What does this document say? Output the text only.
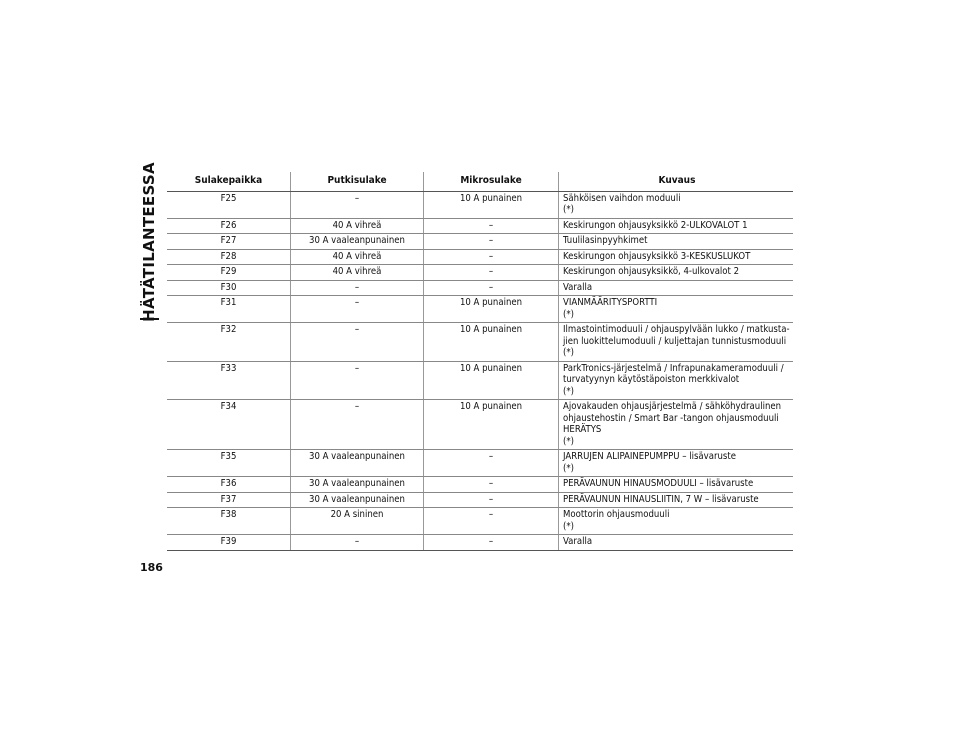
HÄTÄTILANTEESSA	Sulakepaikka	Putkisulake	Mikrosulake	Kuvaus
F25	–	10 A punainen	Sähköisen vaihdon moduuli
(*)

F26	40 A vihreä	–	Keskirungon ohjausyksikkö 2-ULKOVALOT 1

F27	30 A vaaleanpunainen	–	Tuulilasinpyyhkimet

F28	40 A vihreä	–	Keskirungon ohjausyksikkö 3-KESKUSLUKOT

F29	40 A vihreä	–	Keskirungon ohjausyksikkö, 4-ulkovalot 2

F30	–	–	Varalla

F31	–	10 A punainen	VIANMÄÄRITYSPORTTI
(*)

F32	–	10 A punainen	Ilmastointimoduuli / ohjauspylvään lukko / matkusta-
jien luokittelumoduuli / kuljettajan tunnistusmoduuli
(*)

F33	–	10 A punainen	ParkTronics-järjestelmä / Infrapunakameramoduuli /
turvatyynyn käytöstäpoiston merkkivalot
(*)

F34	–	10 A punainen	Ajovakauden ohjausjärjestelmä / sähköhydraulinen
ohjaustehostin / Smart Bar -tangon ohjausmoduuli
HERÄTYS
(*)

F35	30 A vaaleanpunainen	–	JARRUJEN ALIPAINEPUMPPU – lisävaruste
(*)

F36	30 A vaaleanpunainen	–	PERÄVAUNUN HINAUSMODUULI – lisävaruste

F37	30 A vaaleanpunainen	–	PERÄVAUNUN HINAUSLIITIN, 7 W – lisävaruste

F38	20 A sininen	–	Moottorin ohjausmoduuli
(*)

F39	–	–	Varalla
186
